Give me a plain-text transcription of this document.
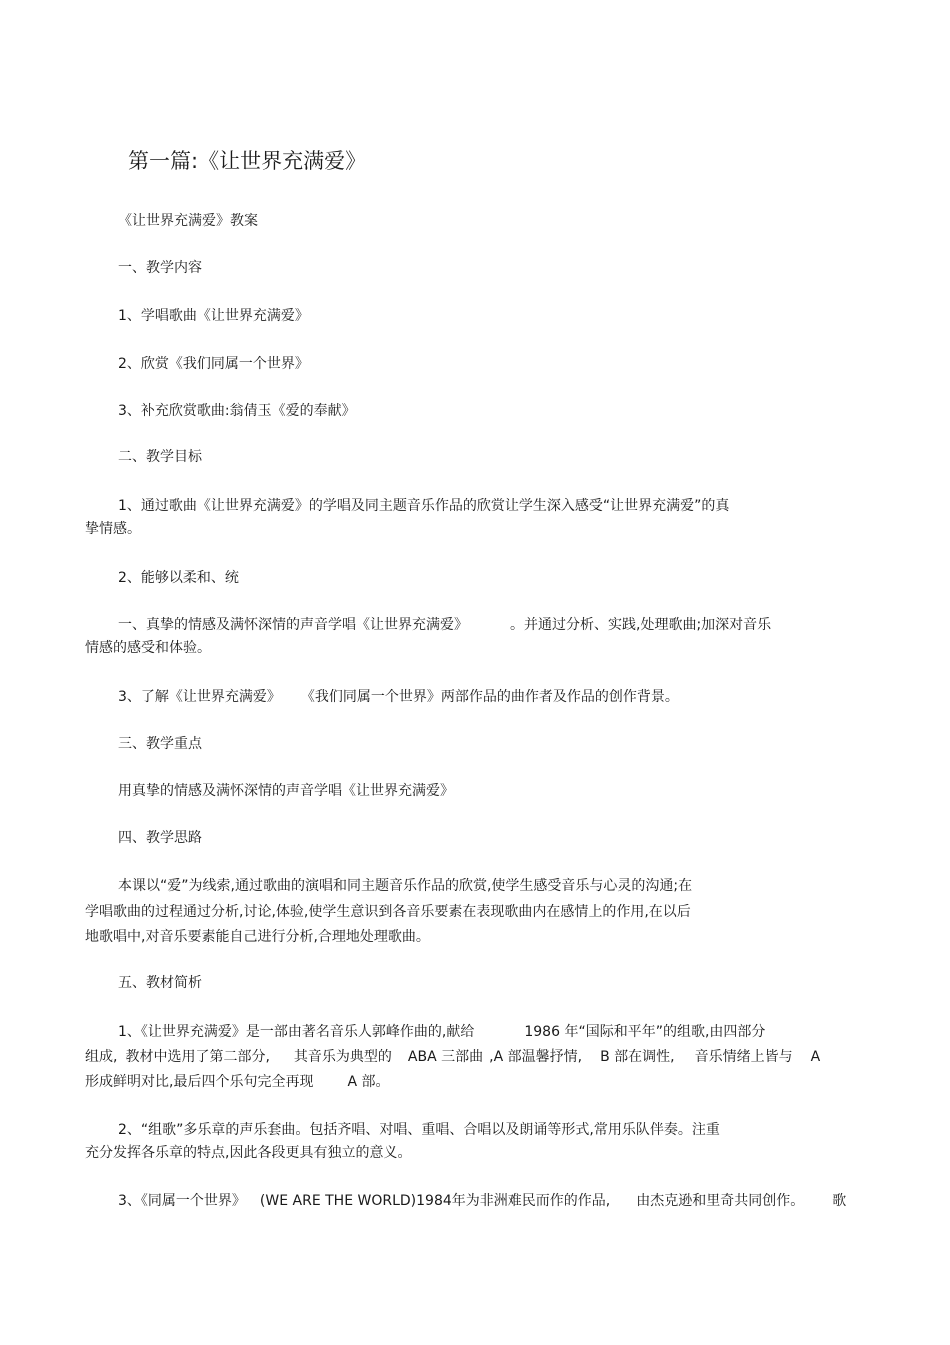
第一篇:《让世界充满爱》
《让世界充满爱》教案
一、教学内容
1、学唱歌曲《让世界充满爱》
2、欣赏《我们同属一个世界》
3、补充欣赏歌曲:翁倩玉《爱的奉献》
二、教学目标
1、通过歌曲《让世界充满爱》的学唱及同主题音乐作品的欣赏让学生深入感受“让世界充满爱”的真
挚情感。
2、能够以柔和、统
一、真挚的情感及满怀深情的声音学唱《让世界充满爱》	。并通过分析、实践,处理歌曲;加深对音乐
情感的感受和体验。
3、了解《让世界充满爱》 《我们同属一个世界》两部作品的曲作者及作品的创作背景。
三、教学重点
用真挚的情感及满怀深情的声音学唱《让世界充满爱》
四、教学思路
本课以“爱”为线索,通过歌曲的演唱和同主题音乐作品的欣赏,使学生感受音乐与心灵的沟通;在
学唱歌曲的过程通过分析,讨论,体验,使学生意识到各音乐要素在表现歌曲内在感情上的作用,在以后
地歌唱中,对音乐要素能自己进行分析,合理地处理歌曲。
五、教材简析
1、《让世界充满爱》是一部由著名音乐人郭峰作曲的,献给	1986 年“国际和平年”的组歌,由四部分
组成, 教材中选用了第二部分, 其音乐为典型的 ABA 三部曲 ,A 部温馨抒情, B 部在调性, 音乐情绪上皆与 A
形成鲜明对比,最后四个乐句完全再现 A 部。
2、“组歌”多乐章的声乐套曲。包括齐唱、对唱、重唱、合唱以及朗诵等形式,常用乐队伴奏。注重
充分发挥各乐章的特点,因此各段更具有独立的意义。
3、《同属一个世界》 (WE ARE THE WORLD)1984年为非洲难民而作的作品, 由杰克逊和里奇共同创作。 歌
